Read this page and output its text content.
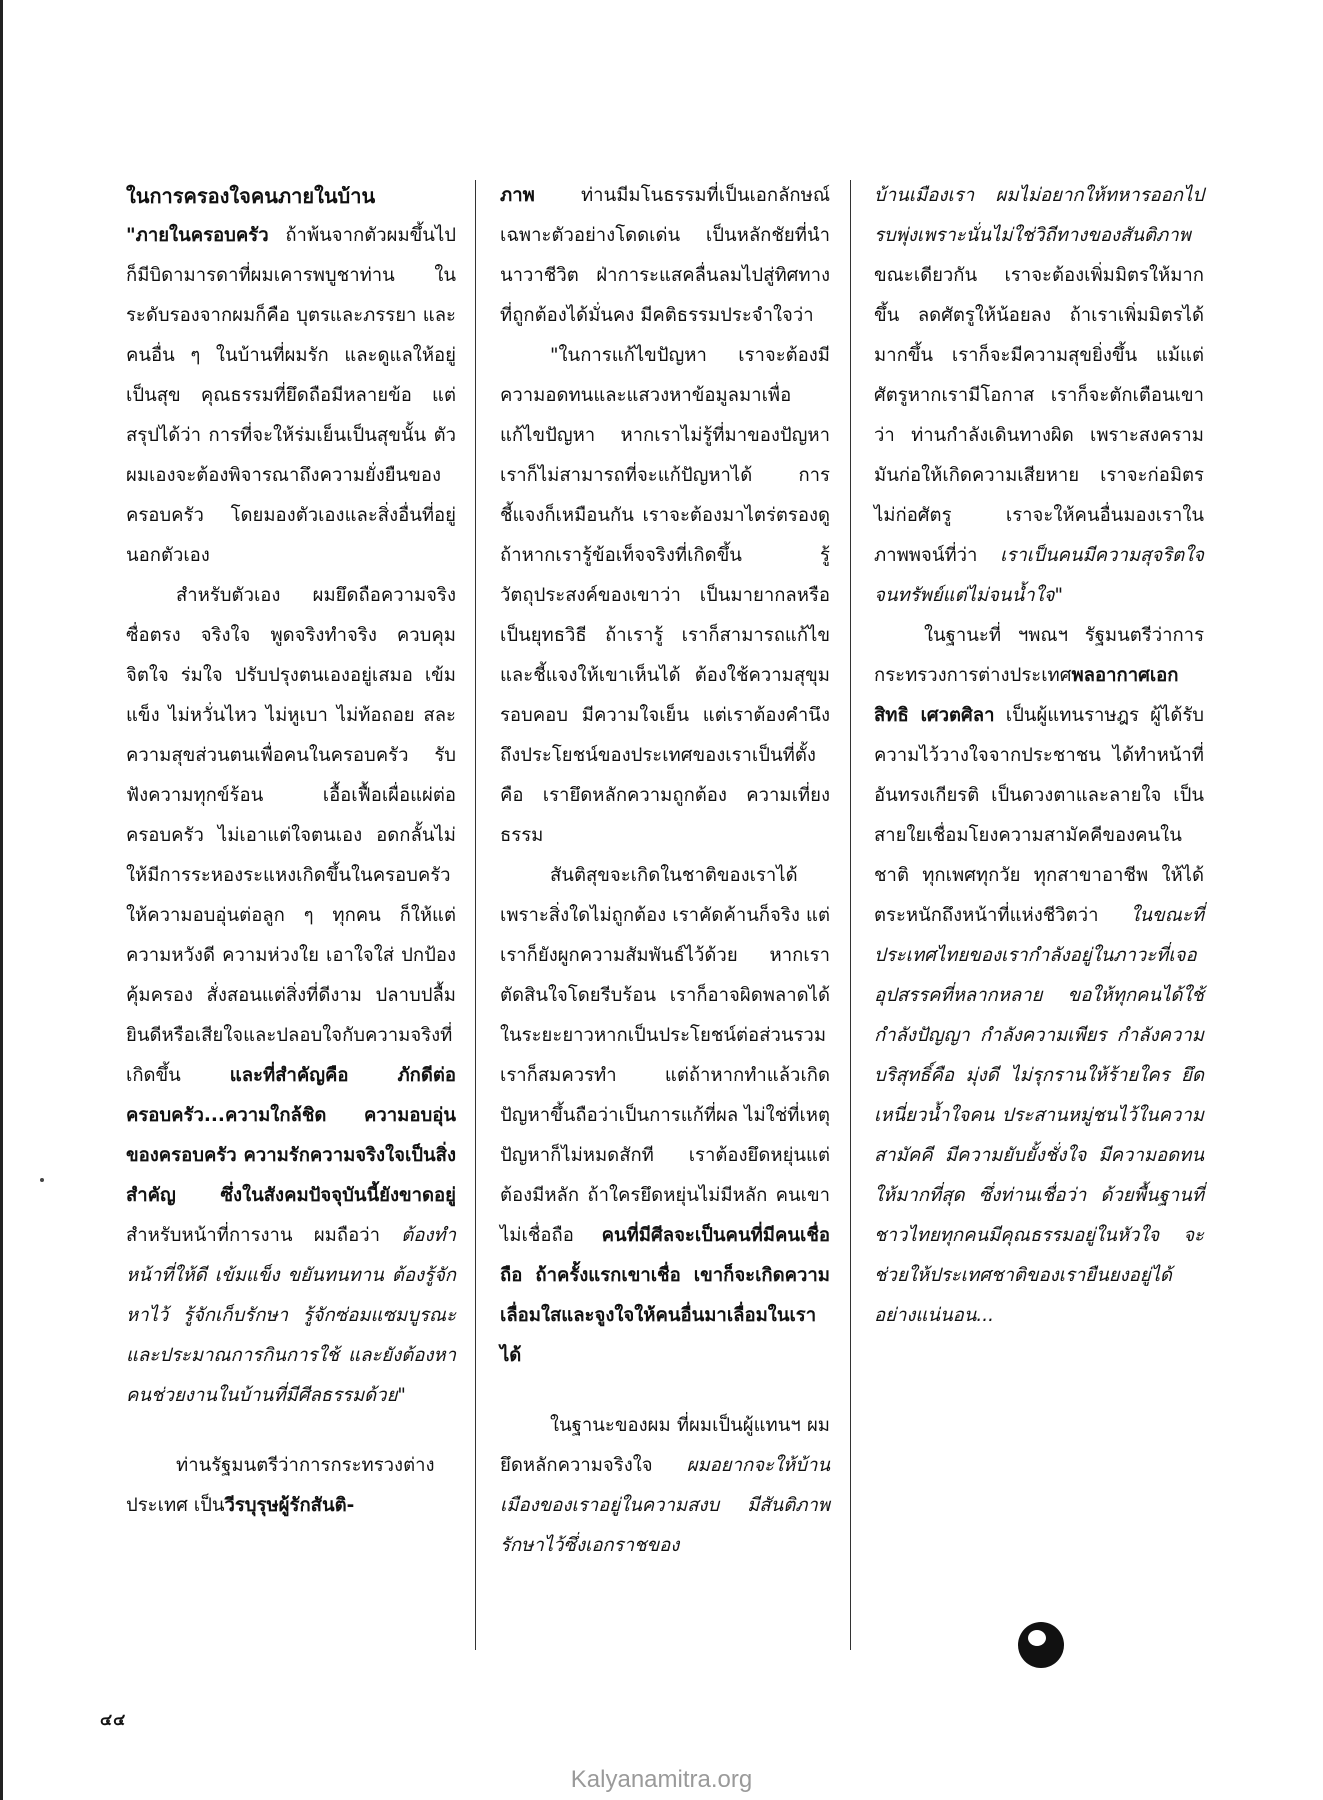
ในการครองใจคนภายในบ้าน

"ภายในครอบครัว ถ้าพ้นจากตัวผมขึ้นไป ก็มีบิดามารดาที่ผมเคารพบูชาท่าน ในระดับรองจากผมก็คือ บุตรและภรรยา และคนอื่น ๆ ในบ้านที่ผมรัก และดูแลให้อยู่เป็นสุข คุณธรรมที่ยึดถือมีหลายข้อ แต่สรุปได้ว่า การที่จะให้ร่มเย็นเป็นสุขนั้น ตัวผมเองจะต้องพิจารณาถึงความยั่งยืนของครอบครัว โดยมองตัวเองและสิ่งอื่นที่อยู่นอกตัวเอง

สำหรับตัวเอง ผมยึดถือความจริง ซื่อตรง จริงใจ พูดจริงทำจริง ควบคุมจิตใจ ร่มใจ ปรับปรุงตนเองอยู่เสมอ เข้มแข็ง ไม่หวั่นไหว ไม่หูเบา ไม่ท้อถอย สละความสุขส่วนตนเพื่อคนในครอบครัว รับฟังความทุกข์ร้อน เอื้อเฟื้อเผื่อแผ่ต่อครอบครัว ไม่เอาแต่ใจตนเอง อดกลั้นไม่ให้มีการระหองระแหงเกิดขึ้นในครอบครัว ให้ความอบอุ่นต่อลูก ๆ ทุกคน ก็ให้แต่ความหวังดี ความห่วงใย เอาใจใส่ ปกป้องคุ้มครอง สั่งสอนแต่สิ่งที่ดีงาม ปลาบปลื้มยินดีหรือเสียใจและปลอบใจกับความจริงที่เกิดขึ้น และที่สำคัญคือ ภักดีต่อครอบครัว...ความใกล้ชิด ความอบอุ่นของครอบครัว ความรักความจริงใจเป็นสิ่งสำคัญ ซึ่งในสังคมปัจจุบันนี้ยังขาดอยู่ สำหรับหน้าที่การงาน ผมถือว่า ต้องทำหน้าที่ให้ดี เข้มแข็ง ขยันทนทาน ต้องรู้จักหาไว้ รู้จักเก็บรักษา รู้จักซ่อมแซมบูรณะและประมาณการกินการใช้ และยังต้องหาคนช่วยงานในบ้านที่มีศีลธรรมด้วย"

ท่านรัฐมนตรีว่าการกระทรวงต่างประเทศ เป็นวีรบุรุษผู้รักสันติ-

ภาพ ท่านมีมโนธรรมที่เป็นเอกลักษณ์เฉพาะตัวอย่างโดดเด่น เป็นหลักชัยที่นำนาวาชีวิต ฝ่าการะแสคลื่นลมไปสู่ทิศทางที่ถูกต้องได้มั่นคง มีคติธรรมประจำใจว่า

"ในการแก้ไขปัญหา เราจะต้องมีความอดทนและแสวงหาข้อมูลมาเพื่อแก้ไขปัญหา หากเราไม่รู้ที่มาของปัญหา เราก็ไม่สามารถที่จะแก้ปัญหาได้ การชี้แจงก็เหมือนกัน เราจะต้องมาไตร่ตรองดู ถ้าหากเรารู้ข้อเท็จจริงที่เกิดขึ้น รู้วัตถุประสงค์ของเขาว่า เป็นมายากลหรือเป็นยุทธวิธี ถ้าเรารู้ เราก็สามารถแก้ไขและชี้แจงให้เขาเห็นได้ ต้องใช้ความสุขุมรอบคอบ มีความใจเย็น แต่เราต้องคำนึงถึงประโยชน์ของประเทศของเราเป็นที่ตั้ง คือ เรายึดหลักความถูกต้อง ความเที่ยงธรรม

สันติสุขจะเกิดในชาติของเราได้ เพราะสิ่งใดไม่ถูกต้อง เราคัดค้านก็จริง แต่เราก็ยังผูกความสัมพันธ์ไว้ด้วย หากเราตัดสินใจโดยรีบร้อน เราก็อาจผิดพลาดได้ ในระยะยาวหากเป็นประโยชน์ต่อส่วนรวม เราก็สมควรทำ แต่ถ้าหากทำแล้วเกิดปัญหาขึ้นถือว่าเป็นการแก้ที่ผล ไม่ใช่ที่เหตุ ปัญหาก็ไม่หมดสักที เราต้องยึดหยุ่นแต่ต้องมีหลัก ถ้าใครยึดหยุ่นไม่มีหลัก คนเขาไม่เชื่อถือ คนที่มีศีลจะเป็นคนที่มีคนเชื่อถือ ถ้าครั้งแรกเขาเชื่อ เขาก็จะเกิดความเลื่อมใสและจูงใจให้คนอื่นมาเลื่อมในเราได้

ในฐานะของผม ที่ผมเป็นผู้แทนฯ ผมยึดหลักความจริงใจ ผมอยากจะให้บ้านเมืองของเราอยู่ในความสงบ มีสันติภาพ รักษาไว้ซึ่งเอกราชของ

บ้านเมืองเรา ผมไม่อยากให้ทหารออกไปรบพุ่งเพราะนั่นไม่ใช่วิถีทางของสันติภาพ ขณะเดียวกัน เราจะต้องเพิ่มมิตรให้มากขึ้น ลดศัตรูให้น้อยลง ถ้าเราเพิ่มมิตรได้มากขึ้น เราก็จะมีความสุขยิ่งขึ้น แม้แต่ศัตรูหากเรามีโอกาส เราก็จะตักเตือนเขาว่า ท่านกำลังเดินทางผิด เพราะสงครามมันก่อให้เกิดความเสียหาย เราจะก่อมิตรไม่ก่อศัตรู เราจะให้คนอื่นมองเราในภาพพจน์ที่ว่า เราเป็นคนมีความสุจริตใจ จนทรัพย์แต่ไม่จนน้ำใจ"

ในฐานะที่ ฯพณฯ รัฐมนตรีว่าการกระทรวงการต่างประเทศพลอากาศเอกสิทธิ เศวตศิลา เป็นผู้แทนราษฎร ผู้ได้รับความไว้วางใจจากประชาชน ได้ทำหน้าที่อันทรงเกียรติ เป็นดวงตาและลายใจ เป็นสายใยเชื่อมโยงความสามัคคีของคนในชาติ ทุกเพศทุกวัย ทุกสาขาอาชีพ ให้ได้ตระหนักถึงหน้าที่แห่งชีวิตว่า ในขณะที่ประเทศไทยของเรากำลังอยู่ในภาวะที่เจออุปสรรคที่หลากหลาย ขอให้ทุกคนได้ใช้กำลังปัญญา กำลังความเพียร กำลังความบริสุทธิ์คือ มุ่งดี ไม่รุกรานให้ร้ายใคร ยึดเหนี่ยวน้ำใจคน ประสานหมู่ชนไว้ในความสามัคคี มีความยับยั้งชั่งใจ มีความอดทนให้มากที่สุด ซึ่งท่านเชื่อว่า ด้วยพื้นฐานที่ชาวไทยทุกคนมีคุณธรรมอยู่ในหัวใจ จะช่วยให้ประเทศชาติของเรายืนยงอยู่ได้อย่างแน่นอน...

๔๔
Kalyanamitra.org
